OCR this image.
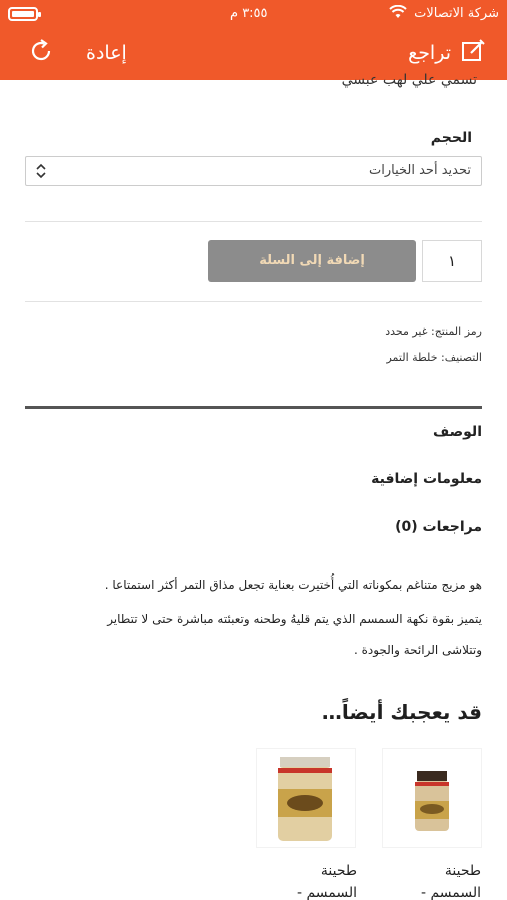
شركة الاتصالات
٣:٥٥ م
تراجع
إعادة
تسمي علي لهب عبسي
الحجم
تحديد أحد الخيارات
١
إضافة إلى السلة
رمز المنتج: غير محدد
التصنيف: خلطة التمر
الوصف
معلومات إضافية
مراجعات (0)
هو مزيج متناغم بمكوناته التي أُختيرت بعناية تجعل مذاق التمر أكثر استمتاعا .
يتميز بقوة نكهة السمسم الذي يتم قليهُ وطحنه وتعبئته مباشرة حتى لا تتطاير
وتتلاشى الرائحة والجودة .
قد يعجبك أيضاً…
طحينة
السمسم -
طحينة
السمسم -
